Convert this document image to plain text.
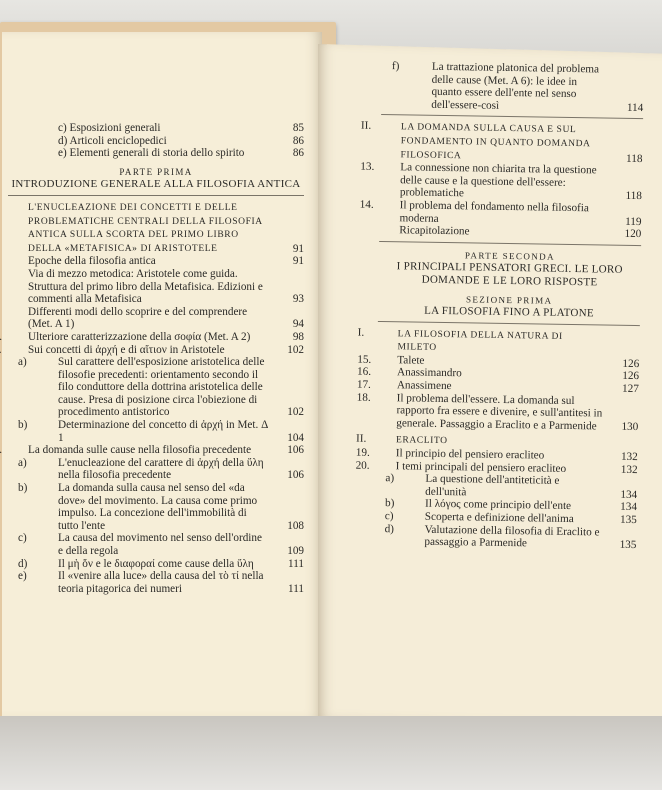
c) Esposizioni generali	85
d) Articoli enciclopedici	86
e) Elementi generali di storia dello spirito	86
PARTE PRIMA
INTRODUZIONE GENERALE ALLA FILOSOFIA ANTICA
L'ENUCLEAZIONE DEI CONCETTI E DELLE PROBLEMATICHE CENTRALI DELLA FILOSOFIA ANTICA SULLA SCORTA DEL PRIMO LIBRO DELLA «METAFISICA» DI ARISTOTELE	91
Epoche della filosofia antica	91
Via di mezzo metodica: Aristotele come guida. Struttura del primo libro della Metafisica. Edizioni e commenti alla Metafisica	93
Differenti modi dello scoprire e del comprendere (Met. A 1)	94
Ulteriore caratterizzazione della σοφία (Met. A 2)	98
Sui concetti di ἀρχή e di αἴτιον in Aristotele	102
a)	Sul carattere dell'esposizione aristotelica delle filosofie precedenti: orientamento secondo il filo conduttore della dottrina aristotelica delle cause. Presa di posizione circa l'obiezione di procedimento antistorico	102
b)	Determinazione del concetto di ἀρχή in Met. Δ 1	104
La domanda sulle cause nella filosofia precedente	106
a)	L'enucleazione del carattere di ἀρχή della ὕλη nella filosofia precedente	106
b)	La domanda sulla causa nel senso del «da dove» del movimento. La causa come primo impulso. La concezione dell'immobilità di tutto l'ente	108
c)	La causa del movimento nel senso dell'ordine e della regola	109
d)	Il μὴ ὄν e le διαφοραί come cause della ὕλη	111
e)	Il «venire alla luce» della causa del τὸ τί nella teoria pitagorica dei numeri	111
f)	La trattazione platonica del problema delle cause (Met. A 6): le idee in quanto essere dell'ente nel senso dell'essere-così	114
II.	LA DOMANDA SULLA CAUSA E SUL FONDAMENTO IN QUANTO DOMANDA FILOSOFICA	118
13. La connessione non chiarita tra la questione delle cause e la questione dell'essere: problematiche	118
14. Il problema del fondamento nella filosofia moderna	119
Ricapitolazione	120
PARTE SECONDA
I PRINCIPALI PENSATORI GRECI. LE LORO DOMANDE E LE LORO RISPOSTE
SEZIONE PRIMA
LA FILOSOFIA FINO A PLATONE
I.	LA FILOSOFIA DELLA NATURA DI MILETO
15. Talete	126
16. Anassimandro	126
17. Anassimene	127
18. Il problema dell'essere. La domanda sul rapporto fra essere e divenire, e sull'antitesi in generale. Passaggio a Eraclito e a Parmenide	130
II.	ERACLITO
19. Il principio del pensiero eracliteo	132
20. I temi principali del pensiero eracliteo	132
a)	La questione dell'antiteticità e dell'unità	134
b)	Il λόγος come principio dell'ente	134
c)	Scoperta e definizione dell'anima	135
d)	Valutazione della filosofia di Eraclito e passaggio a Parmenide	135
